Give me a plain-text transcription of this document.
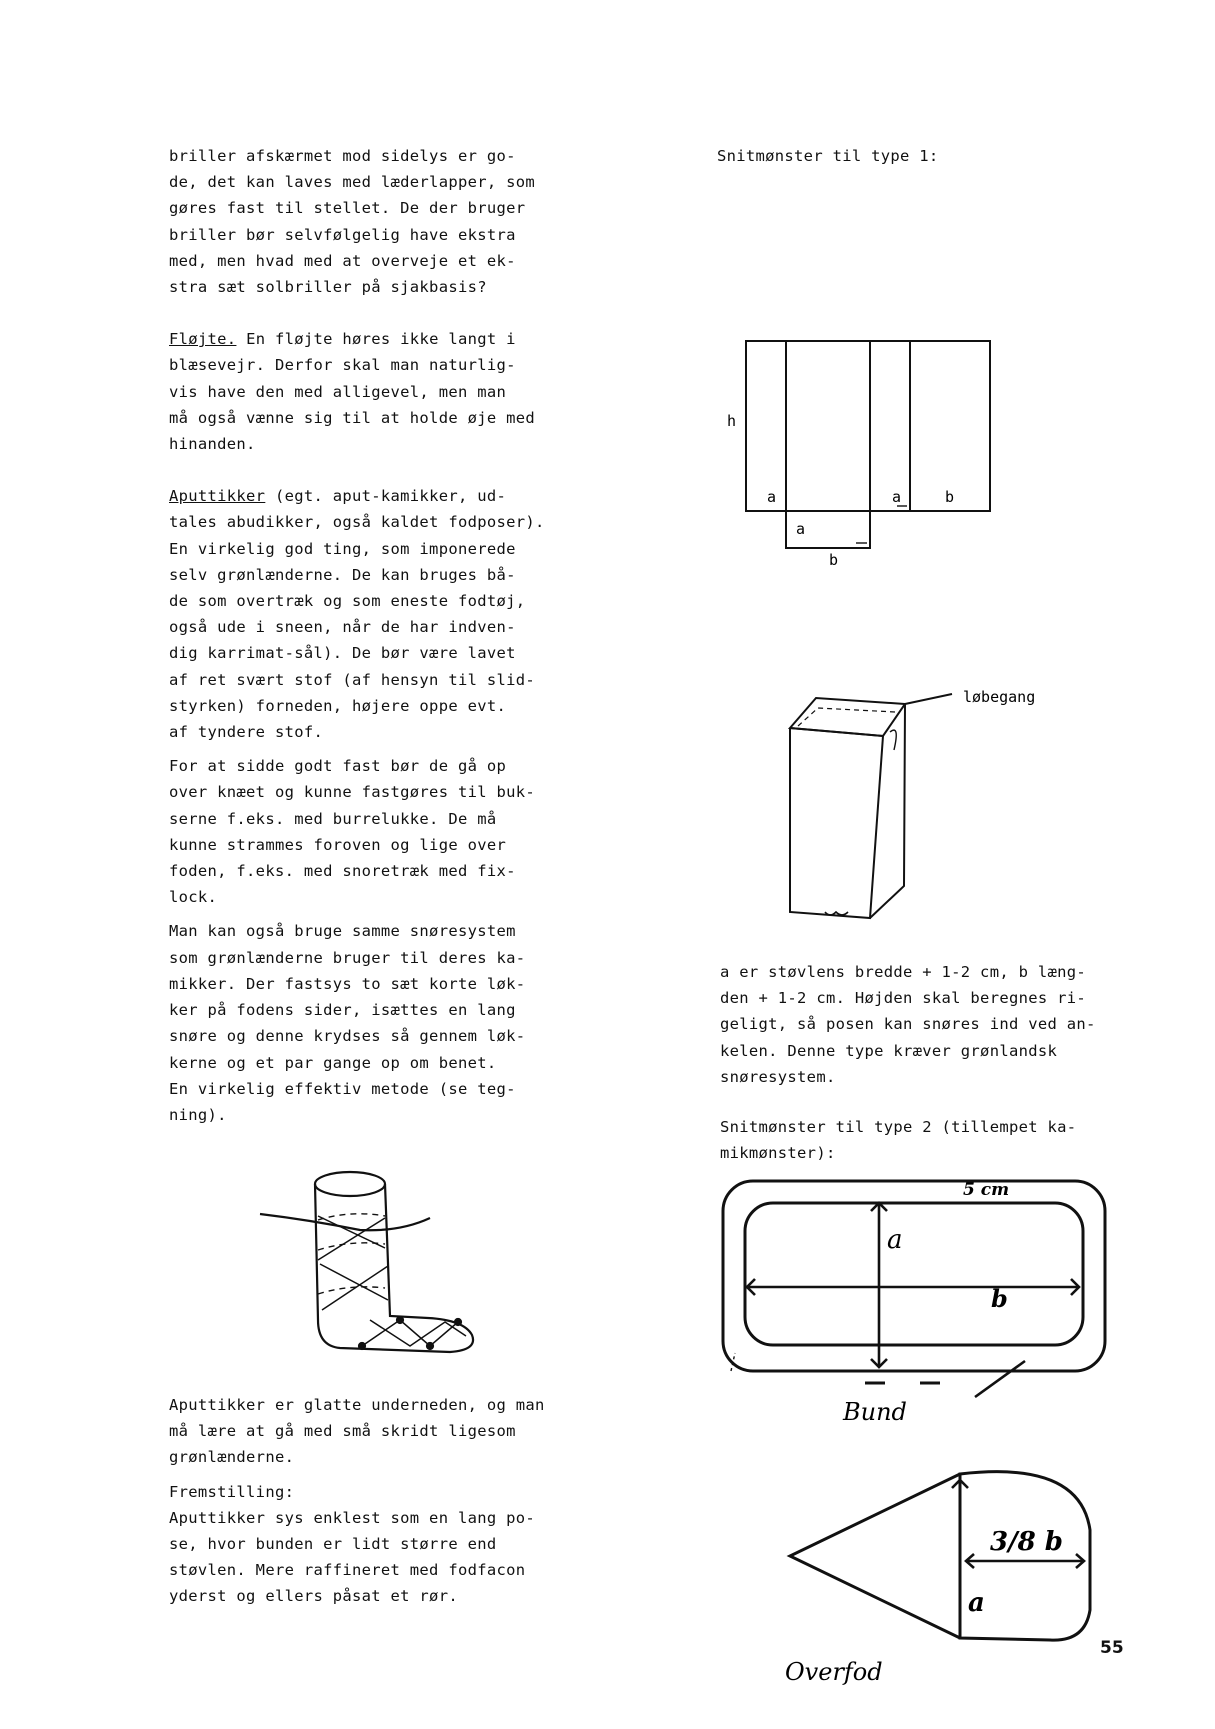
briller afskærmet mod sidelys er go-
de, det kan laves med læderlapper, som
gøres fast til stellet. De der bruger
briller bør selvfølgelig have ekstra
med, men hvad med at overveje et ek-
stra sæt solbriller på sjakbasis?

Fløjte. En fløjte høres ikke langt i
blæsevejr. Derfor skal man naturlig-
vis have den med alligevel, men man
må også vænne sig til at holde øje med
hinanden.

Aputtikker (egt. aput-kamikker, ud-
tales abudikker, også kaldet fodposer).
En virkelig god ting, som imponerede
selv grønlænderne. De kan bruges bå-
de som overtræk og som eneste fodtøj,
også ude i sneen, når de har indven-
dig karrimat-sål). De bør være lavet
af ret svært stof (af hensyn til slid-
styrken) forneden, højere oppe evt.
af tyndere stof.

For at sidde godt fast bør de gå op
over knæet og kunne fastgøres til buk-
serne f.eks. med burrelukke. De må
kunne strammes foroven og lige over
foden, f.eks. med snoretræk med fix-
lock.

Man kan også bruge samme snøresystem
som grønlænderne bruger til deres ka-
mikker. Der fastsys to sæt korte løk-
ker på fodens sider, isættes en lang
snøre og denne krydses så gennem løk-
kerne og et par gange op om benet.
En virkelig effektiv metode (se teg-
ning).

Aputtikker er glatte underneden, og man
må lære at gå med små skridt ligesom
grønlænderne.

Fremstilling:

Aputtikker sys enklest som en lang po-
se, hvor bunden er lidt større end
støvlen. Mere raffineret med fodfacon
yderst og ellers påsat et rør.

Snitmønster til type 1:

h
a	a	b
a
b
løbegang

a er støvlens bredde + 1-2 cm, b læng-
den + 1-2 cm. Højden skal beregnes ri-
geligt, så posen kan snøres ind ved an-
kelen. Denne type kræver grønlandsk
snøresystem.

Snitmønster til type 2 (tillempet ka-
mikmønster):

5 cm
a
b
Bund
3/8 b
a
Overfod
55
